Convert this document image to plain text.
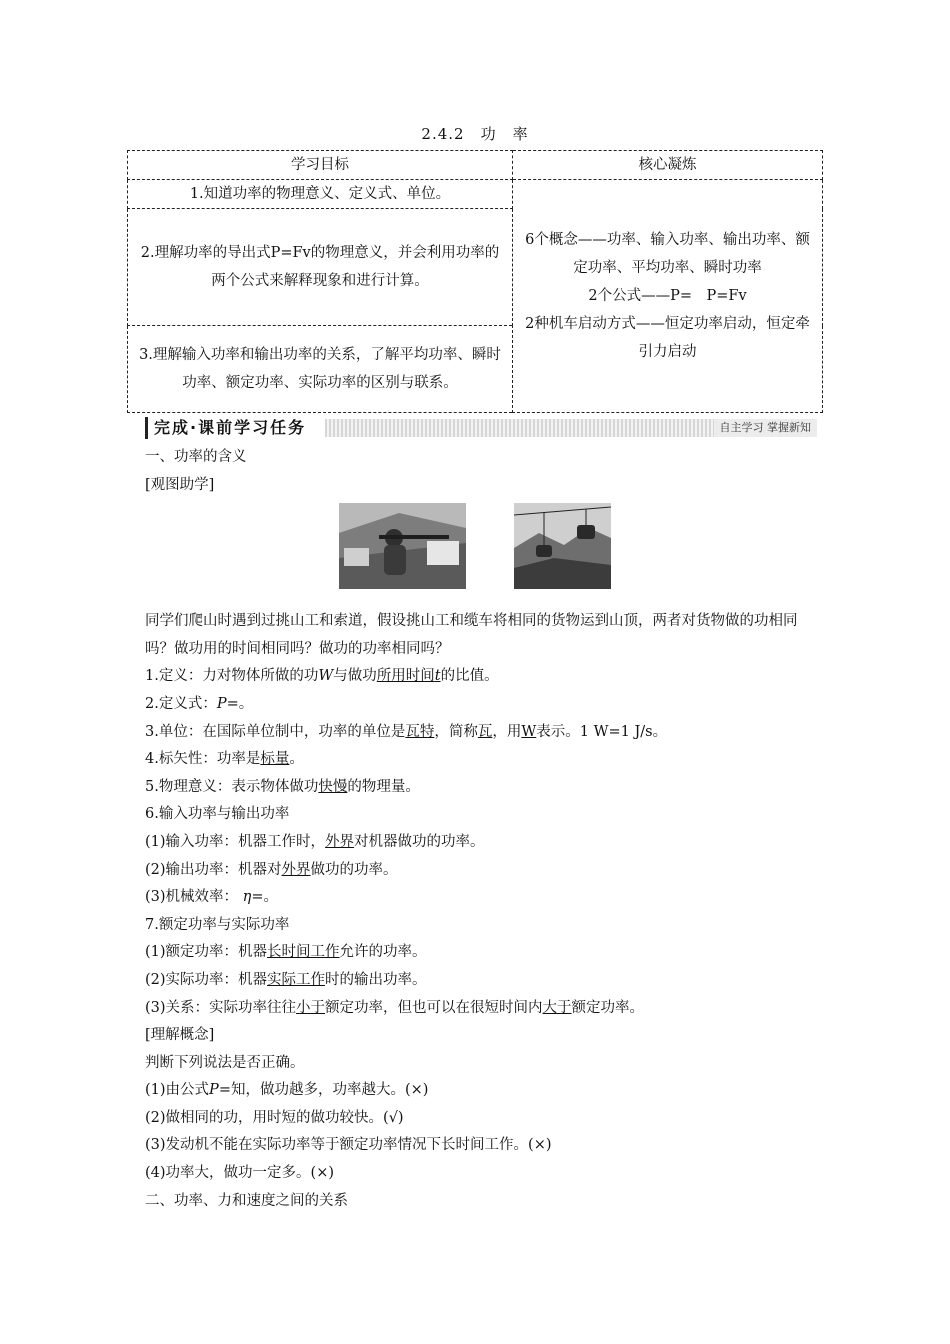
2.4.2　功　率
学习目标	核心凝炼
1.知道功率的物理意义、定义式、单位。	6个概念——功率、输入功率、输出功率、额定功率、平均功率、瞬时功率
2个公式——P=　P=Fv
2种机车启动方式——恒定功率启动，恒定牵引力启动

2.理解功率的导出式P=Fv的物理意义，并会利用功率的两个公式来解释现象和进行计算。	
3.理解输入功率和输出功率的关系，了解平均功率、瞬时功率、额定功率、实际功率的区别与联系。	
完成·课前学习任务	自主学习 掌握新知

一、功率的含义

[观图助学]

同学们爬山时遇到过挑山工和索道，假设挑山工和缆车将相同的货物运到山顶，两者对货物做的功相同吗？做功用的时间相同吗？做功的功率相同吗？

1.定义：力对物体所做的功W与做功所用时间t的比值。

2.定义式：P=。

3.单位：在国际单位制中，功率的单位是瓦特，简称瓦，用W表示。1 W=1 J/s。

4.标矢性：功率是标量。

5.物理意义：表示物体做功快慢的物理量。

6.输入功率与输出功率

(1)输入功率：机器工作时，外界对机器做功的功率。

(2)输出功率：机器对外界做功的功率。

(3)机械效率： η=。

7.额定功率与实际功率

(1)额定功率：机器长时间工作允许的功率。

(2)实际功率：机器实际工作时的输出功率。

(3)关系：实际功率往往小于额定功率，但也可以在很短时间内大于额定功率。

[理解概念]

判断下列说法是否正确。

(1)由公式P=知，做功越多，功率越大。(×)

(2)做相同的功，用时短的做功较快。(√)

(3)发动机不能在实际功率等于额定功率情况下长时间工作。(×)

(4)功率大，做功一定多。(×)

二、功率、力和速度之间的关系
